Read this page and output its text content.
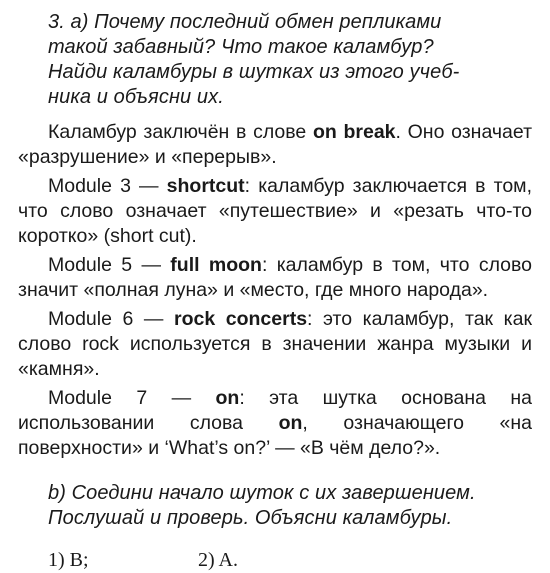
3. а) Почему последний обмен репликами
такой забавный? Что такое каламбур?
Найди каламбуры в шутках из этого учеб-
ника и объясни их.

Каламбур заключён в слове on break. Оно означает «разрушение» и «перерыв».

Module 3 — shortcut: каламбур заключается в том, что слово означает «путешествие» и «резать что-то коротко» (short cut).

Module 5 — full moon: каламбур в том, что слово значит «полная луна» и «место, где много народа».

Module 6 — rock concerts: это каламбур, так как слово rock используется в значении жанра музыки и «камня».

Module 7 — on: эта шутка основана на использовании слова on, означающего «на поверхности» и ‘What’s on?’ — «В чём дело?».

b) Соедини начало шуток с их завершением.
Послушай и проверь. Объясни каламбуры.
1) B;	2) A.
